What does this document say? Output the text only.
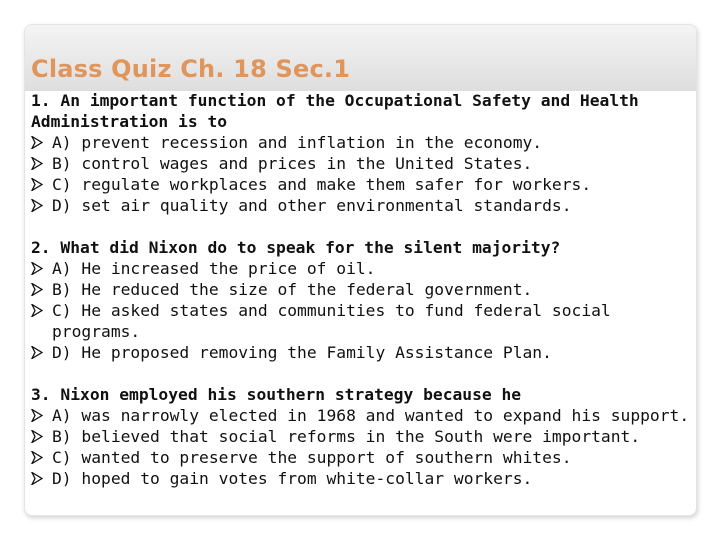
Class Quiz Ch. 18 Sec.1
1. An important function of the Occupational Safety and Health Administration is to
A) prevent recession and inflation in the economy.
B) control wages and prices in the United States.
C) regulate workplaces and make them safer for workers.
D) set air quality and other environmental standards.
2. What did Nixon do to speak for the silent majority?
A) He increased the price of oil.
B) He reduced the size of the federal government.
C) He asked states and communities to fund federal social programs.
D) He proposed removing the Family Assistance Plan.
3. Nixon employed his southern strategy because he
A) was narrowly elected in 1968 and wanted to expand his support.
B) believed that social reforms in the South were important.
C) wanted to preserve the support of southern whites.
D) hoped to gain votes from white-collar workers.
